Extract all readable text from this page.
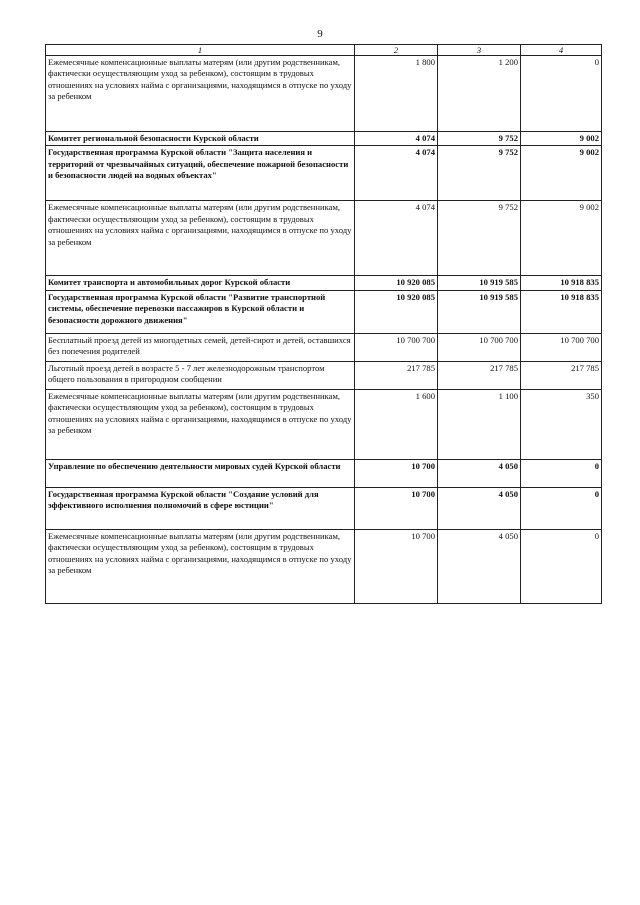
9
1	2	3	4
Ежемесячные компенсационные выплаты матерям (или другим родственникам, фактически осуществляющим уход за ребенком), состоящим в трудовых отношениях на условиях найма с организациями, находящимся в отпуске по уходу за ребенком	1 800	1 200	0
Комитет региональной безопасности Курской области	4 074	9 752	9 002
Государственная программа Курской области "Защита населения и территорий от чрезвычайных ситуаций, обеспечение пожарной безопасности и безопасности людей на водных объектах"	4 074	9 752	9 002
Ежемесячные компенсационные выплаты матерям (или другим родственникам, фактически осуществляющим уход за ребенком), состоящим в трудовых отношениях на условиях найма с организациями, находящимся в отпуске по уходу за ребенком	4 074	9 752	9 002
Комитет транспорта и автомобильных дорог Курской области	10 920 085	10 919 585	10 918 835
Государственная программа Курской области "Развитие транспортной системы, обеспечение перевозки пассажиров в Курской области и безопасности дорожного движения"	10 920 085	10 919 585	10 918 835
Бесплатный проезд детей из многодетных семей, детей-сирот и детей, оставшихся без попечения родителей	10 700 700	10 700 700	10 700 700
Льготный проезд детей в возрасте 5 - 7 лет железнодорожным транспортом общего пользования в пригородном сообщении	217 785	217 785	217 785
Ежемесячные компенсационные выплаты матерям (или другим родственникам, фактически осуществляющим уход за ребенком), состоящим в трудовых отношениях на условиях найма с организациями, находящимся в отпуске по уходу за ребенком	1 600	1 100	350
Управление по обеспечению деятельности мировых судей Курской области	10 700	4 050	0
Государственная программа Курской области "Создание условий для эффективного исполнения полномочий в сфере юстиции"	10 700	4 050	0
Ежемесячные компенсационные выплаты матерям (или другим родственникам, фактически осуществляющим уход за ребенком), состоящим в трудовых отношениях на условиях найма с организациями, находящимся в отпуске по уходу за ребенком	10 700	4 050	0
